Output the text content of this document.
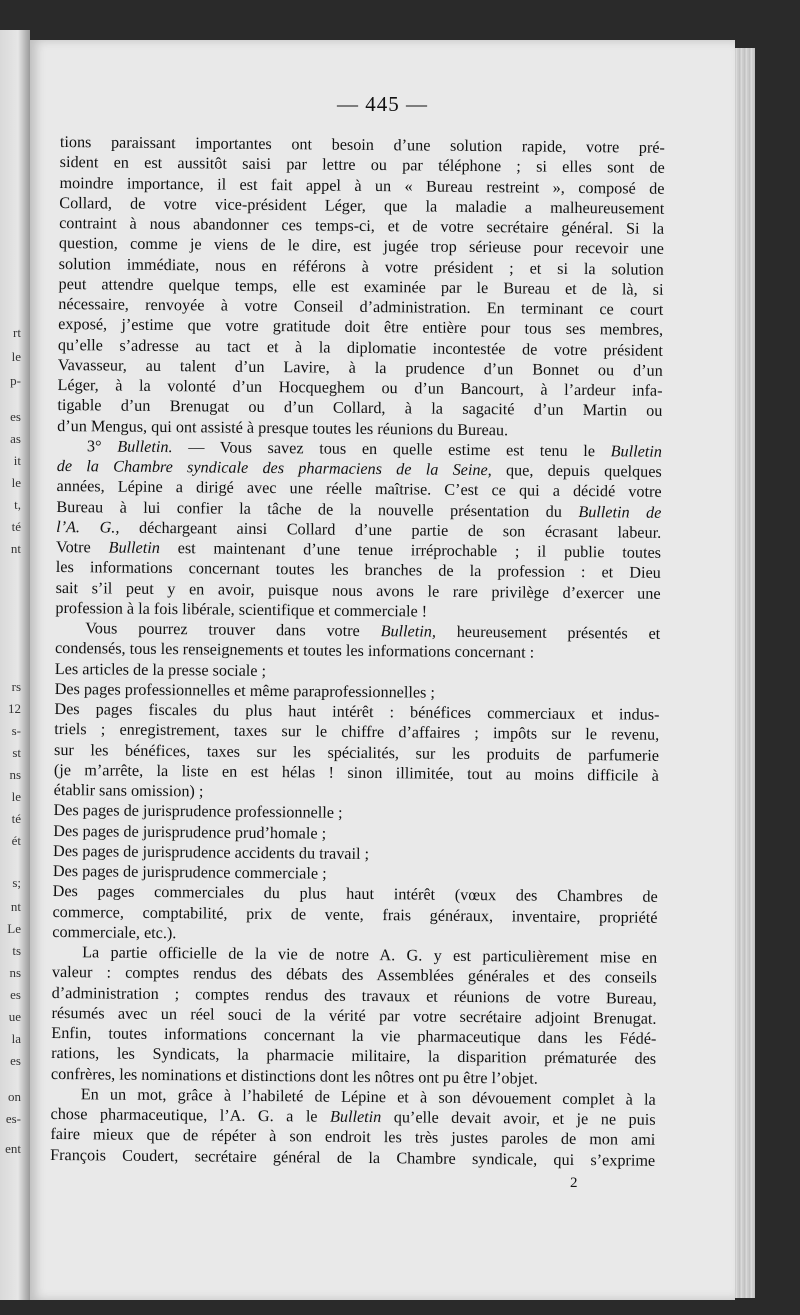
rt
le
p-
es
as
it
le
t,
té
nt
rs
12
s-
st
ns
le
té
ét
s;
nt
Le
ts
ns
es
ue
la
es
on
es-
ent
— 445 —

tions paraissant importantes ont besoin d’une solution rapide, votre pré-
sident en est aussitôt saisi par lettre ou par téléphone ; si elles sont de
moindre importance, il est fait appel à un « Bureau restreint », composé de
Collard, de votre vice-président Léger, que la maladie a malheureusement
contraint à nous abandonner ces temps-ci, et de votre secrétaire général. Si la
question, comme je viens de le dire, est jugée trop sérieuse pour recevoir une
solution immédiate, nous en référons à votre président ; et si la solution
peut attendre quelque temps, elle est examinée par le Bureau et de là, si
nécessaire, renvoyée à votre Conseil d’administration. En terminant ce court
exposé, j’estime que votre gratitude doit être entière pour tous ses membres,
qu’elle s’adresse au tact et à la diplomatie incontestée de votre président
Vavasseur, au talent d’un Lavire, à la prudence d’un Bonnet ou d’un
Léger, à la volonté d’un Hocqueghem ou d’un Bancourt, à l’ardeur infa-
tigable d’un Brenugat ou d’un Collard, à la sagacité d’un Martin ou
d’un Mengus, qui ont assisté à presque toutes les réunions du Bureau.

3° Bulletin. — Vous savez tous en quelle estime est tenu le Bulletin
de la Chambre syndicale des pharmaciens de la Seine, que, depuis quelques
années, Lépine a dirigé avec une réelle maîtrise. C’est ce qui a décidé votre
Bureau à lui confier la tâche de la nouvelle présentation du Bulletin de
l’A. G., déchargeant ainsi Collard d’une partie de son écrasant labeur.
Votre Bulletin est maintenant d’une tenue irréprochable ; il publie toutes
les informations concernant toutes les branches de la profession : et Dieu
sait s’il peut y en avoir, puisque nous avons le rare privilège d’exercer une
profession à la fois libérale, scientifique et commerciale !

Vous pourrez trouver dans votre Bulletin, heureusement présentés et
condensés, tous les renseignements et toutes les informations concernant :

Les articles de la presse sociale ;
Des pages professionnelles et même paraprofessionnelles ;
Des pages fiscales du plus haut intérêt : bénéfices commerciaux et indus-
triels ; enregistrement, taxes sur le chiffre d’affaires ; impôts sur le revenu,
sur les bénéfices, taxes sur les spécialités, sur les produits de parfumerie
(je m’arrête, la liste en est hélas ! sinon illimitée, tout au moins difficile à
établir sans omission) ;
Des pages de jurisprudence professionnelle ;
Des pages de jurisprudence prud’homale ;
Des pages de jurisprudence accidents du travail ;
Des pages de jurisprudence commerciale ;
Des pages commerciales du plus haut intérêt (vœux des Chambres de
commerce, comptabilité, prix de vente, frais généraux, inventaire, propriété
commerciale, etc.).

La partie officielle de la vie de notre A. G. y est particulièrement mise en
valeur : comptes rendus des débats des Assemblées générales et des conseils
d’administration ; comptes rendus des travaux et réunions de votre Bureau,
résumés avec un réel souci de la vérité par votre secrétaire adjoint Brenugat.
Enfin, toutes informations concernant la vie pharmaceutique dans les Fédé-
rations, les Syndicats, la pharmacie militaire, la disparition prématurée des
confrères, les nominations et distinctions dont les nôtres ont pu être l’objet.

En un mot, grâce à l’habileté de Lépine et à son dévouement complet à la
chose pharmaceutique, l’A. G. a le Bulletin qu’elle devait avoir, et je ne puis
faire mieux que de répéter à son endroit les très justes paroles de mon ami
François Coudert, secrétaire général de la Chambre syndicale, qui s’exprime

2
